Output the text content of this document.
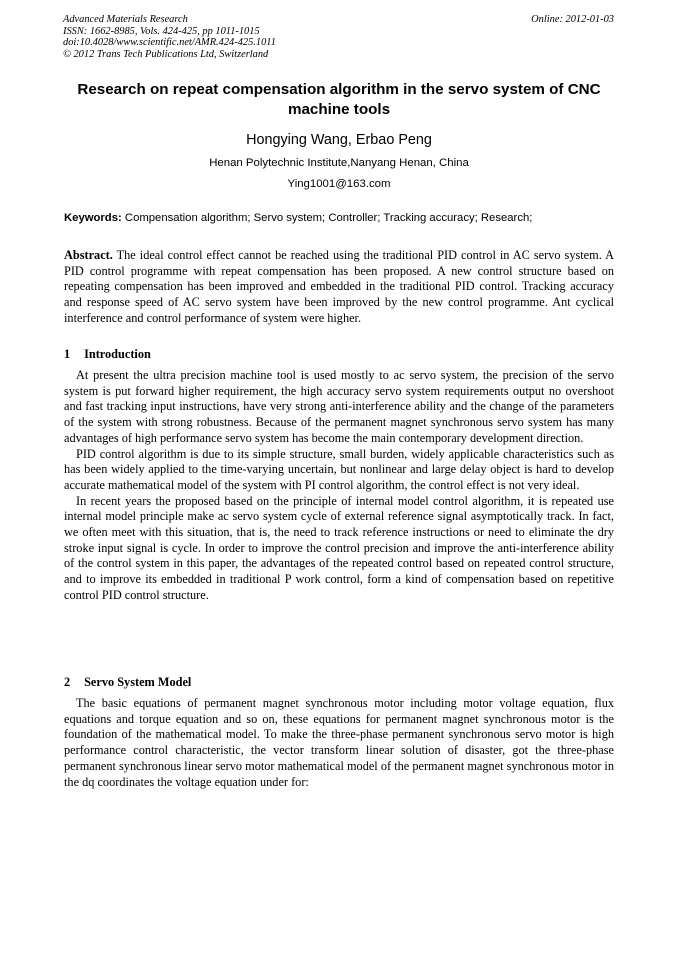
Advanced Materials Research
ISSN: 1662-8985, Vols. 424-425, pp 1011-1015
doi:10.4028/www.scientific.net/AMR.424-425.1011
© 2012 Trans Tech Publications Ltd, Switzerland
Online: 2012-01-03
Research on repeat compensation algorithm in the servo system of CNC machine tools
Hongying Wang, Erbao Peng
Henan Polytechnic Institute,Nanyang Henan, China
Ying1001@163.com
Keywords: Compensation algorithm; Servo system; Controller; Tracking accuracy; Research;

Abstract. The ideal control effect cannot be reached using the traditional PID control in AC servo system. A PID control programme with repeat compensation has been proposed. A new control structure based on repeating compensation has been improved and embedded in the traditional PID control. Tracking accuracy and response speed of AC servo system have been improved by the new control programme. Ant cyclical interference and control performance of system were higher.

1 Introduction

At present the ultra precision machine tool is used mostly to ac servo system, the precision of the servo system is put forward higher requirement, the high accuracy servo system requirements output no overshoot and fast tracking input instructions, have very strong anti-interference ability and the change of the parameters of the system with strong robustness. Because of the permanent magnet synchronous servo system has many advantages of high performance servo system has become the main contemporary development direction.

PID control algorithm is due to its simple structure, small burden, widely applicable characteristics such as has been widely applied to the time-varying uncertain, but nonlinear and large delay object is hard to develop accurate mathematical model of the system with PI control algorithm, the control effect is not very ideal.

In recent years the proposed based on the principle of internal model control algorithm, it is repeated use internal model principle make ac servo system cycle of external reference signal asymptotically track. In fact, we often meet with this situation, that is, the need to track reference instructions or need to eliminate the dry stroke input signal is cycle. In order to improve the control precision and improve the anti-interference ability of the control system in this paper, the advantages of the repeated control based on repeated control structure, and to improve its embedded in traditional P work control, form a kind of compensation based on repetitive control PID control structure.

2 Servo System Model

The basic equations of permanent magnet synchronous motor including motor voltage equation, flux equations and torque equation and so on, these equations for permanent magnet synchronous motor is the foundation of the mathematical model. To make the three-phase permanent synchronous servo motor is high performance control characteristic, the vector transform linear solution of disaster, got the three-phase permanent synchronous linear servo motor mathematical model of the permanent magnet synchronous motor in the dq coordinates the voltage equation under for:
